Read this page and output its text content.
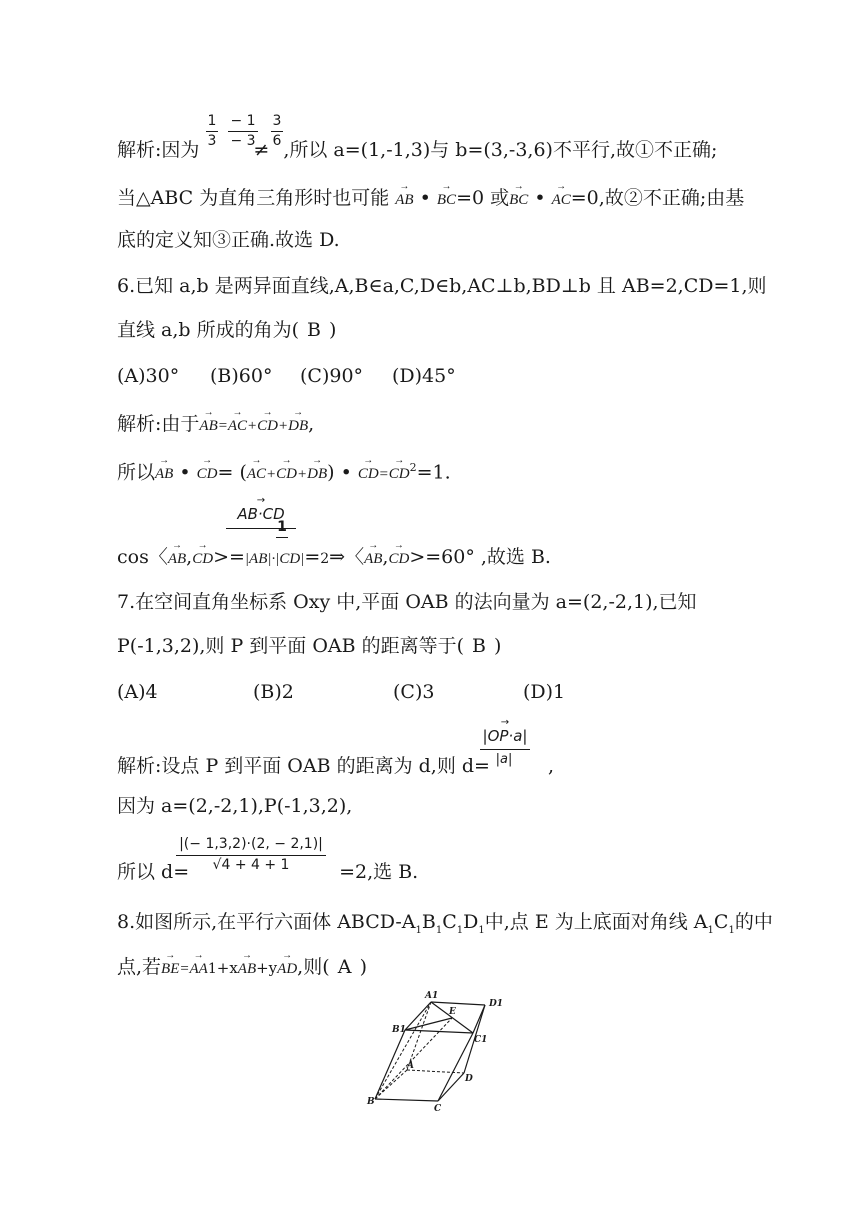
1
3
− 1
− 3
3
6
解析:因为	≠ ,所以 a=(1,-1,3)与 b=(3,-3,6)不平行,故①不正确;
当△ABC 为直角三角形时也可能 → AB • → BC=0 或→ BC • → AC=0,故②不正确;由基
底的定义知③正确.故选 D.
6.已知 a,b 是两异面直线,A,B∈a,C,D∈b,AC⊥b,BD⊥b 且 AB=2,CD=1,则
直线 a,b 所成的角为( B )
(A)30° (B)60° (C)90° (D)45°
解析:由于→ AB=→ AC+→ CD+→ DB,
所以→ AB • → CD= (→ AC+→ CD+→ DB) • → $CD=\to CD^2=1$.
→ AB·CD
1
cos〈→ AB,→ CD>=|AB|·|CD|=2⇒〈→ AB,→ CD>=60° ,故选 B.
7.在空间直角坐标系 Oxy 中,平面 OAB 的法向量为 a=(2,-2,1),已知
P(-1,3,2),则 P 到平面 OAB 的距离等于( B )
(A)4	(B)2	(C)3	(D)1
→ |OP·a|
|a|
解析:设点 P 到平面 OAB 的距离为 d,则 d=	,
因为 a=(2,-2,1),P(-1,3,2),
|(− 1,3,2)·(2, − 2,1)|
√4 + 4 + 1
所以 d=	=2,选 B.
8.如图所示,在平行六面体 ABCD-$A_1B_1C_1D_1$中,点 E 为上底面对角线 $A_1C_1$的中
点,若→ BE=→ AA1+x→ AB+y→ AD,则( A )
A1
D1
E
B1
C1
A
D
B
C
